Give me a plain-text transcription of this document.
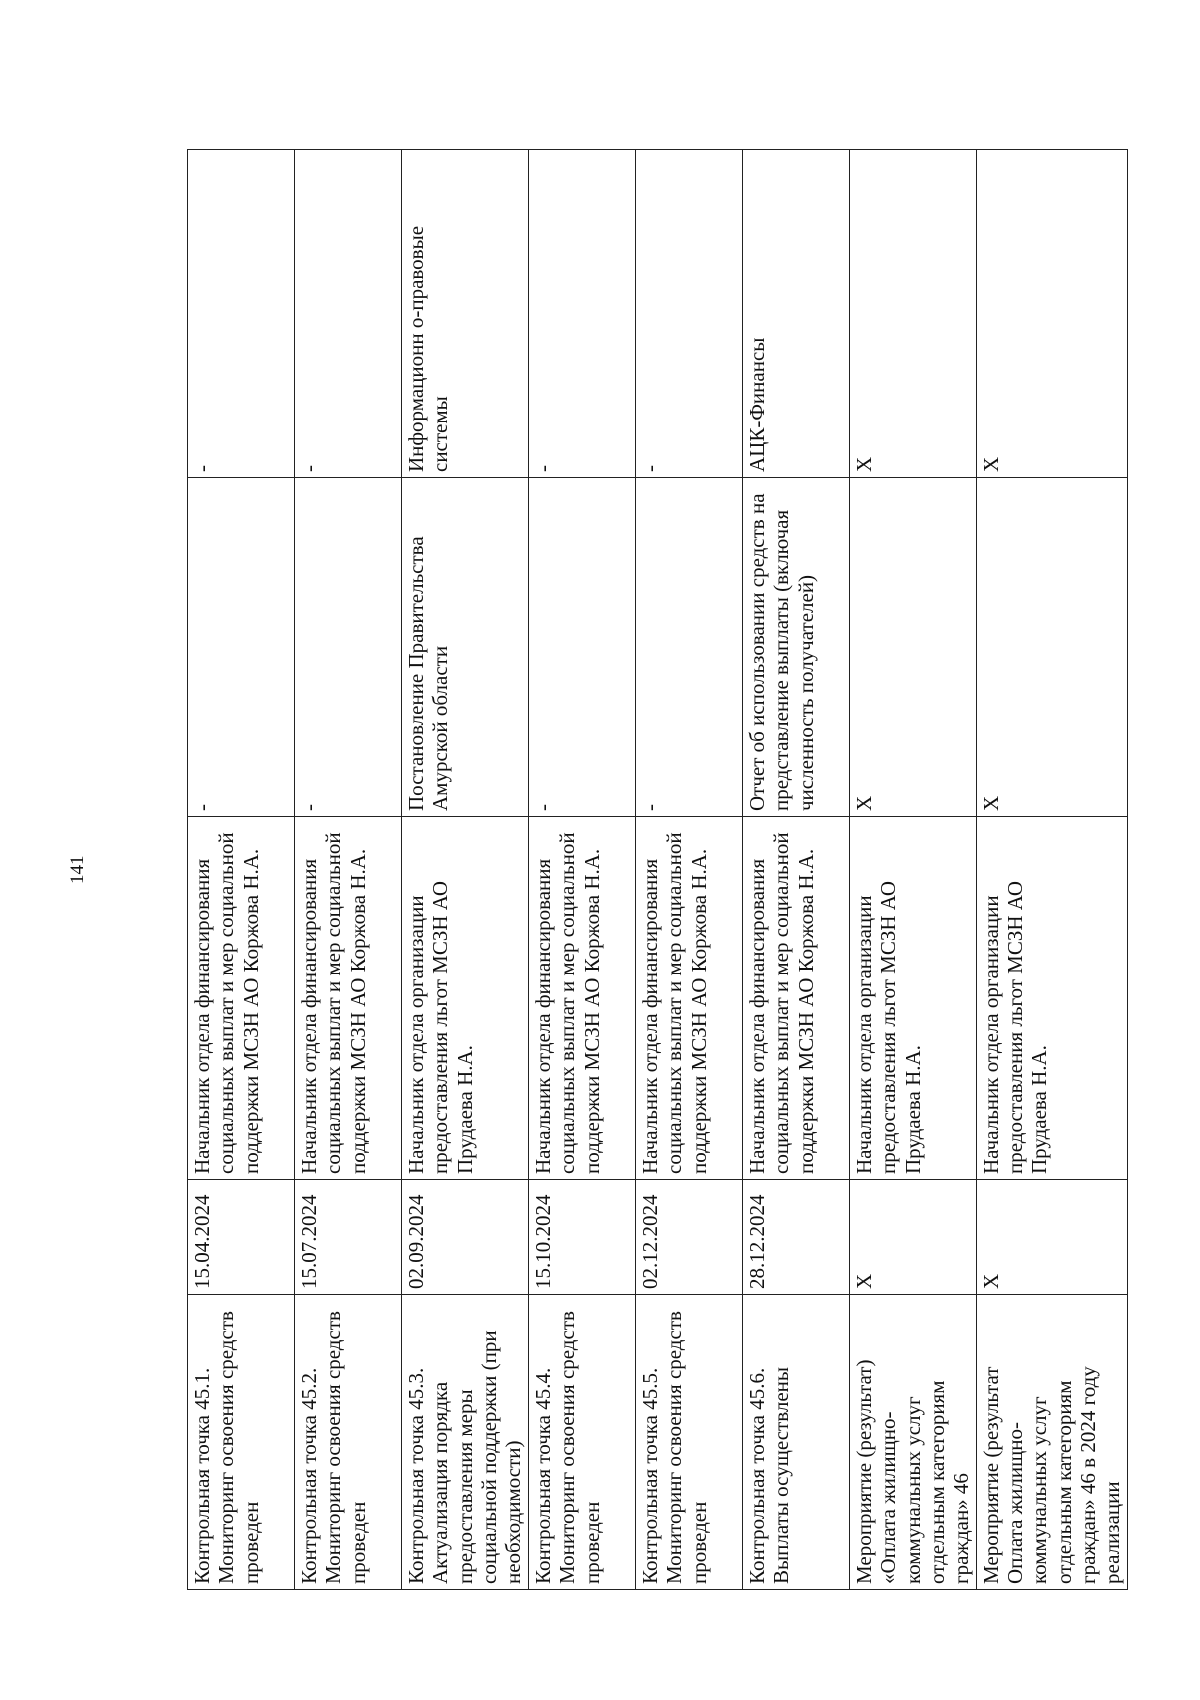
141
Контрольная точка 45.1. Мониторинг освоения средств проведен	15.04.2024	Начальник отдела финансирования социальных выплат и мер социальной поддержки МСЗН АО Коржова Н.А.	-	-
Контрольная точка 45.2. Мониторинг освоения средств проведен	15.07.2024	Начальник отдела финансирования социальных выплат и мер социальной поддержки МСЗН АО Коржова Н.А.	-	-
Контрольная точка 45.3. Актуализация порядка предоставления меры социальной поддержки (при необходимости)	02.09.2024	Начальник отдела организации предоставления льгот МСЗН АО Прудаева Н.А.	Постановление Правительства Амурской области	Информационн о-правовые системы
Контрольная точка 45.4. Мониторинг освоения средств проведен	15.10.2024	Начальник отдела финансирования социальных выплат и мер социальной поддержки МСЗН АО Коржова Н.А.	-	-
Контрольная точка 45.5. Мониторинг освоения средств проведен	02.12.2024	Начальник отдела финансирования социальных выплат и мер социальной поддержки МСЗН АО Коржова Н.А.	-	-
Контрольная точка 45.6. Выплаты осуществлены	28.12.2024	Начальник отдела финансирования социальных выплат и мер социальной поддержки МСЗН АО Коржова Н.А.	Отчет об использовании средств на представление выплаты (включая численность получателей)	АЦК-Финансы
Мероприятие (результат) «Оплата жилищно-коммунальных услуг отдельным категориям граждан» 46	X	Начальник отдела организации предоставления льгот МСЗН АО Прудаева Н.А.	X	X
Мероприятие (результат Оплата жилищно-коммунальных услуг отдельным категориям граждан» 46 в 2024 году реализации	X	Начальник отдела организации предоставления льгот МСЗН АО Прудаева Н.А.	X	X
